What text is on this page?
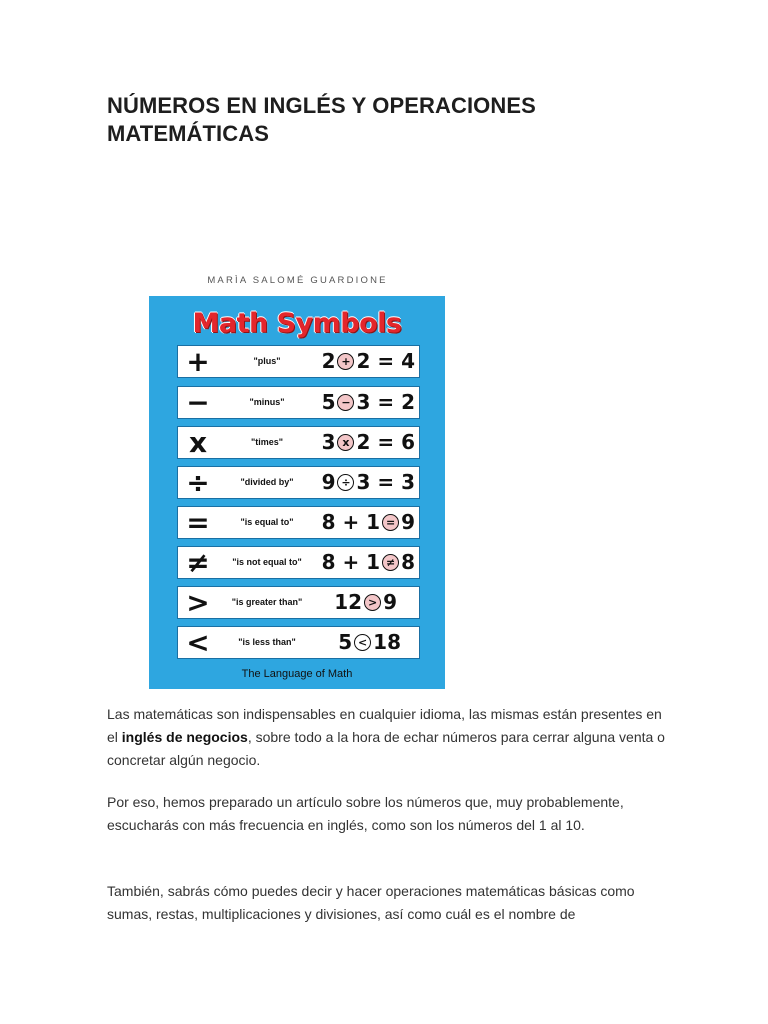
NÚMEROS EN INGLÉS Y OPERACIONES MATEMÁTICAS
MARÌA SALOMÉ GUARDIONE
Math Symbols
+	"plus"	2 + 2 = 4
−	"minus"	5 − 3 = 2
x	"times"	3 x 2 = 6
÷	"divided by"	9 ÷ 3 = 3
=	"is equal to"	8 + 1 = 9
≠	"is not equal to" 8 + 1 ≠ 8
>	"is greater than"	12 > 9
<	"is less than"	5 < 18
The Language of Math

Las matemáticas son indispensables en cualquier idioma, las mismas están presentes en el inglés de negocios, sobre todo a la hora de echar números para cerrar alguna venta o concretar algún negocio.

Por eso, hemos preparado un artículo sobre los números que, muy probablemente, escucharás con más frecuencia en inglés, como son los números del 1 al 10.

También, sabrás cómo puedes decir y hacer operaciones matemáticas básicas como sumas, restas, multiplicaciones y divisiones, así como cuál es el nombre de
